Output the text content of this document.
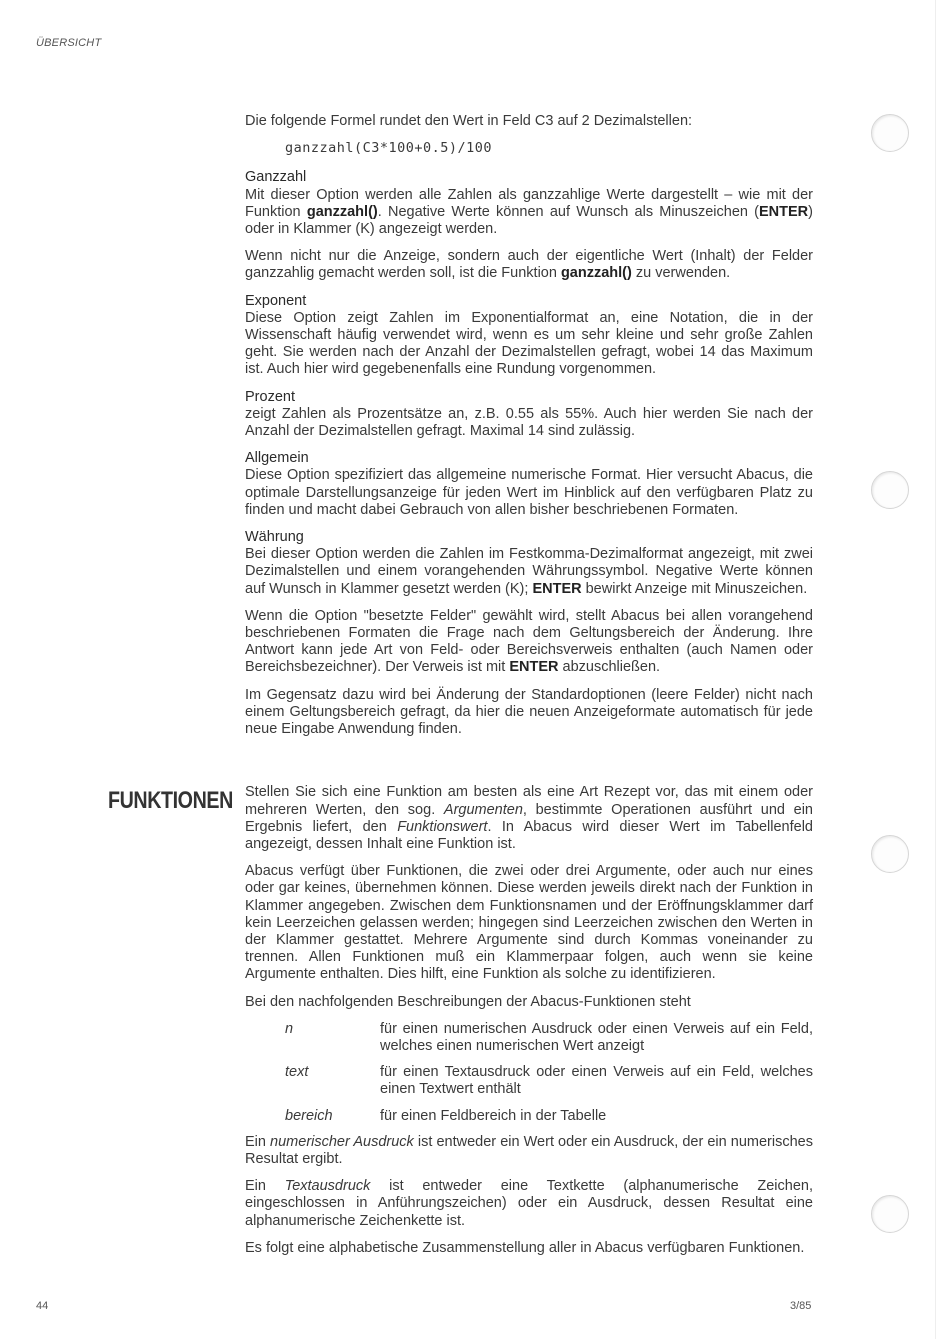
ÜBERSICHT
FUNKTIONEN

Die folgende Formel rundet den Wert in Feld C3 auf 2 Dezimalstellen:

ganzzahl(C3*100+0.5)/100
Ganzzahl

Mit dieser Option werden alle Zahlen als ganzzahlige Werte dargestellt – wie mit der Funktion ganzzahl(). Negative Werte können auf Wunsch als Minuszeichen (ENTER) oder in Klammer (K) angezeigt werden.

Wenn nicht nur die Anzeige, sondern auch der eigentliche Wert (Inhalt) der Felder ganzzahlig gemacht werden soll, ist die Funktion ganzzahl() zu verwenden.

Exponent

Diese Option zeigt Zahlen im Exponentialformat an, eine Notation, die in der Wissenschaft häufig verwendet wird, wenn es um sehr kleine und sehr große Zahlen geht. Sie werden nach der Anzahl der Dezimalstellen gefragt, wobei 14 das Maximum ist. Auch hier wird gegebenenfalls eine Rundung vorgenommen.

Prozent

zeigt Zahlen als Prozentsätze an, z.B. 0.55 als 55%. Auch hier werden Sie nach der Anzahl der Dezimalstellen gefragt. Maximal 14 sind zulässig.

Allgemein

Diese Option spezifiziert das allgemeine numerische Format. Hier versucht Abacus, die optimale Darstellungsanzeige für jeden Wert im Hinblick auf den verfügbaren Platz zu finden und macht dabei Gebrauch von allen bisher beschriebenen Formaten.

Währung

Bei dieser Option werden die Zahlen im Festkomma-Dezimalformat angezeigt, mit zwei Dezimalstellen und einem vorangehenden Währungssymbol. Negative Werte können auf Wunsch in Klammer gesetzt werden (K); ENTER bewirkt Anzeige mit Minuszeichen.

Wenn die Option "besetzte Felder" gewählt wird, stellt Abacus bei allen vorangehend beschriebenen Formaten die Frage nach dem Geltungsbereich der Änderung. Ihre Antwort kann jede Art von Feld- oder Bereichsverweis enthalten (auch Namen oder Bereichsbezeichner). Der Verweis ist mit ENTER abzuschließen.

Im Gegensatz dazu wird bei Änderung der Standardoptionen (leere Felder) nicht nach einem Geltungsbereich gefragt, da hier die neuen Anzeigeformate automatisch für jede neue Eingabe Anwendung finden.

Stellen Sie sich eine Funktion am besten als eine Art Rezept vor, das mit einem oder mehreren Werten, den sog. Argumenten, bestimmte Operationen ausführt und ein Ergebnis liefert, den Funktionswert. In Abacus wird dieser Wert im Tabellenfeld angezeigt, dessen Inhalt eine Funktion ist.

Abacus verfügt über Funktionen, die zwei oder drei Argumente, oder auch nur eines oder gar keines, übernehmen können. Diese werden jeweils direkt nach der Funktion in Klammer angegeben. Zwischen dem Funktionsnamen und der Eröffnungsklammer darf kein Leerzeichen gelassen werden; hingegen sind Leerzeichen zwischen den Werten in der Klammer gestattet. Mehrere Argumente sind durch Kommas voneinander zu trennen. Allen Funktionen muß ein Klammerpaar folgen, auch wenn sie keine Argumente enthalten. Dies hilft, eine Funktion als solche zu identifizieren.

Bei den nachfolgenden Beschreibungen der Abacus-Funktionen steht

n	für einen numerischen Ausdruck oder einen Verweis auf ein Feld, welches einen numerischen Wert anzeigt
text	für einen Textausdruck oder einen Verweis auf ein Feld, welches einen Textwert enthält
bereich	für einen Feldbereich in der Tabelle

Ein numerischer Ausdruck ist entweder ein Wert oder ein Ausdruck, der ein numerisches Resultat ergibt.

Ein Textausdruck ist entweder eine Textkette (alphanumerische Zeichen, eingeschlossen in Anführungszeichen) oder ein Ausdruck, dessen Resultat eine alphanumerische Zeichenkette ist.

Es folgt eine alphabetische Zusammenstellung aller in Abacus verfügbaren Funktionen.

44	3/85
